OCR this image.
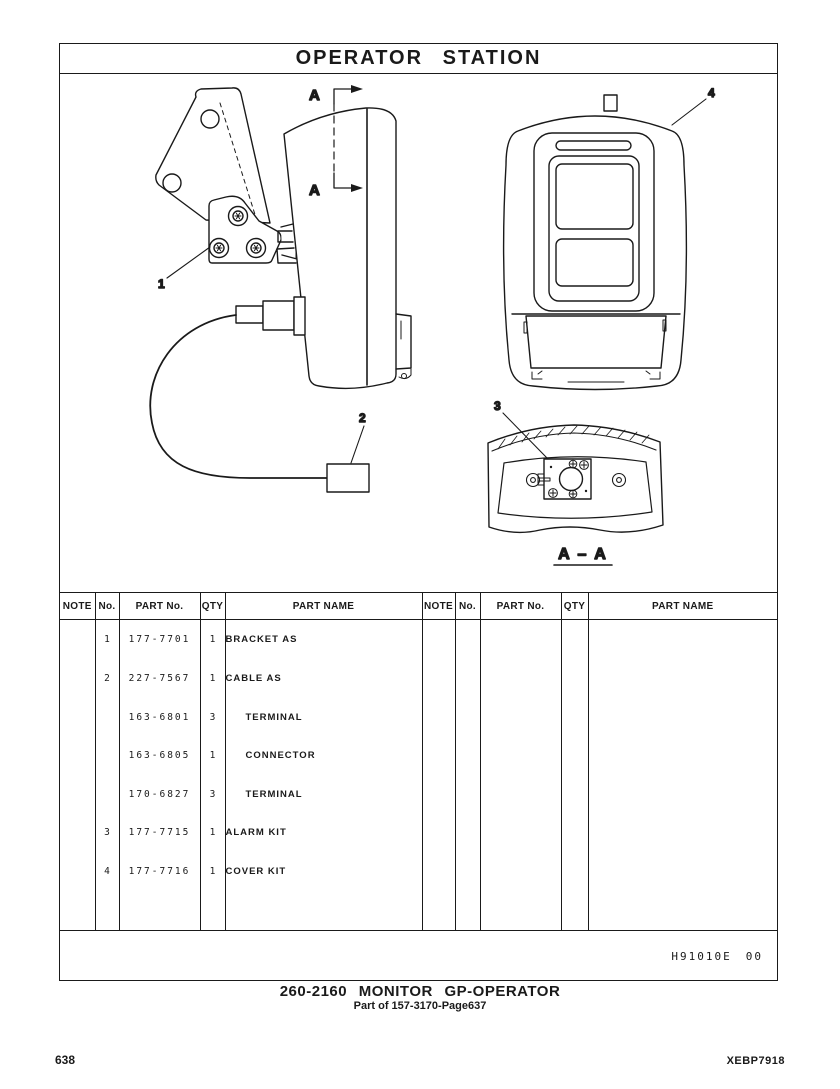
OPERATOR STATION
1
A
A
2
4
3
A – A
NOTE	No.	PART No.	QTY	PART NAME	NOTE	No.	PART No.	QTY	PART NAME
	1	177-7701	1	BRACKET AS					
	2	227-7567	1	CABLE AS					
		163-6801	3	TERMINAL					
		163-6805	1	CONNECTOR					
		170-6827	3	TERMINAL					
	3	177-7715	1	ALARM KIT					
	4	177-7716	1	COVER KIT					

H91010E 00
260-2160 MONITOR GP-OPERATOR
Part of 157-3170-Page637
638	XEBP7918
